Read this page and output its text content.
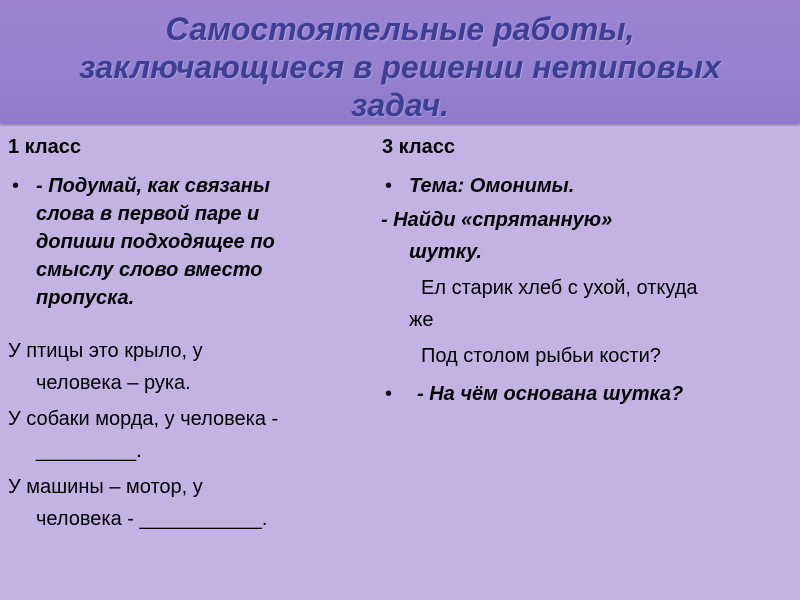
Самостоятельные работы,
заключающиеся в решении нетиповых
задач.
1 класс
• - Подумай, как связаны
слова в первой паре и
допиши подходящее по
смыслу слово вместо
пропуска.
У птицы это крыло, у
человека – рука.
У собаки морда, у человека -
_________.
У машины – мотор, у
человека - ___________.
3 класс
• Тема: Омонимы.
- Найди «спрятанную»
шутку.
Ел старик хлеб с ухой, откуда
же
Под столом рыбьи кости?
• - На чём основана шутка?
